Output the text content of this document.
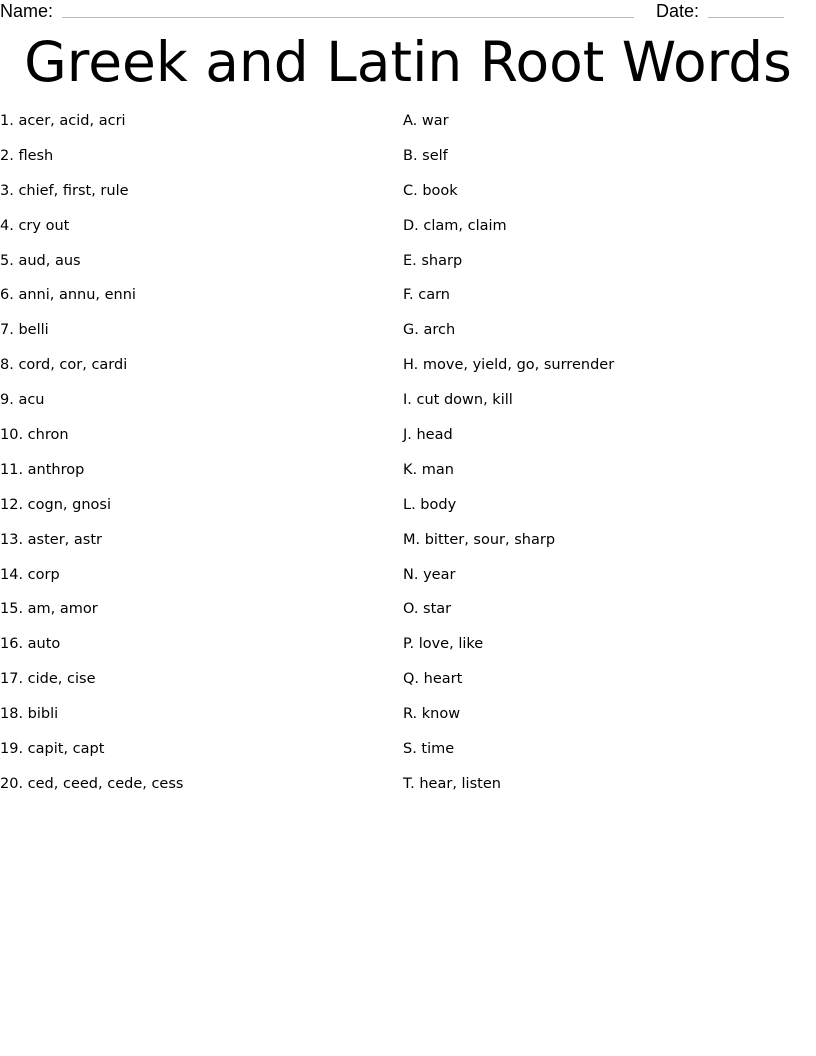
Name:	Date:
Greek and Latin Root Words
1. acer, acid, acri
2. flesh
3. chief, first, rule
4. cry out
5. aud, aus
6. anni, annu, enni
7. belli
8. cord, cor, cardi
9. acu
10. chron
11. anthrop
12. cogn, gnosi
13. aster, astr
14. corp
15. am, amor
16. auto
17. cide, cise
18. bibli
19. capit, capt
20. ced, ceed, cede, cess
A. war
B. self
C. book
D. clam, claim
E. sharp
F. carn
G. arch
H. move, yield, go, surrender
I. cut down, kill
J. head
K. man
L. body
M. bitter, sour, sharp
N. year
O. star
P. love, like
Q. heart
R. know
S. time
T. hear, listen
